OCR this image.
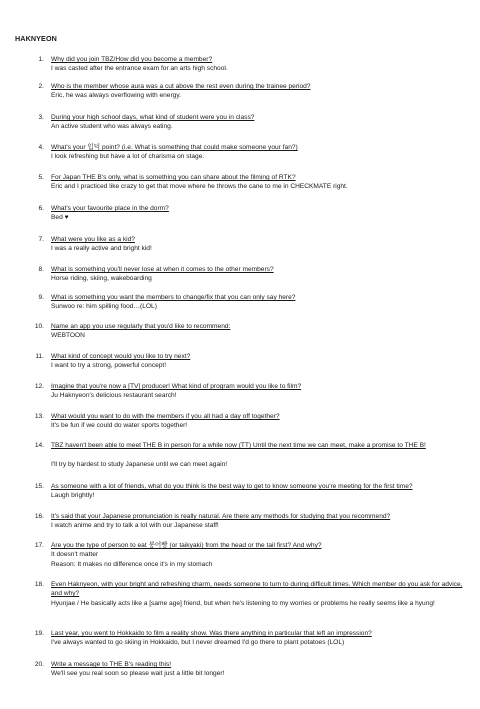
HAKNYEON
1. Why did you join TBZ/How did you become a member?
I was casted after the entrance exam for an arts high school.
2. Who is the member whose aura was a cut above the rest even during the trainee period?
Eric, he was always overflowing with energy.
3. During your high school days, what kind of student were you in class?
An active student who was always eating.
4. What's your 입덕 point? (i.e. What is something that could make someone your fan?)
I look refreshing but have a lot of charisma on stage.
5. For Japan THE B's only, what is something you can share about the filming of RTK?
Eric and I practiced like crazy to get that move where he throws the cane to me in CHECKMATE right.
6. What's your favourite place in the dorm?
Bed ♥
7. What were you like as a kid?
I was a really active and bright kid!
8. What is something you'll never lose at when it comes to the other members?
Horse riding, skiing, wakeboarding
9. What is something you want the members to change/fix that you can only say here?
Sunwoo re: him spilling food…(LOL)
10. Name an app you use regularly that you'd like to recommend:
WEBTOON
11. What kind of concept would you like to try next?
I want to try a strong, powerful concept!
12. Imagine that you're now a [TV] producer! What kind of program would you like to film?
Ju Haknyeon's delicious restaurant search!
13. What would you want to do with the members if you all had a day off together?
It's be fun if we could do water sports together!
14. TBZ haven't been able to meet THE B in person for a while now (TT) Until the next time we can meet, make a promise to THE B!
I'll try by hardest to study Japanese until we can meet again!
15. As someone with a lot of friends, what do you think is the best way to get to know someone you're meeting for the first time?
Laugh brightly!
16. It's said that your Japanese pronunciation is really natural. Are there any methods for studying that you recommend?
I watch anime and try to talk a lot with our Japanese staff!
17. Are you the type of person to eat 붕어빵 (or taikyaki) from the head or the tail first? And why?
It doesn't matter
Reason: It makes no difference once it's in my stomach
18. Even Haknyeon, with your bright and refreshing charm, needs someone to turn to during difficult times. Which member do you ask for advice, and why?
Hyunjae / He basically acts like a [same age] friend, but when he's listening to my worries or problems he really seems like a hyung!
19. Last year, you went to Hokkaido to film a reality show. Was there anything in particular that left an impression?
I've always wanted to go skiing in Hokkaido, but I never dreamed I'd go there to plant potatoes (LOL)
20. Write a message to THE B's reading this!
We'll see you real soon so please wait just a little bit longer!
